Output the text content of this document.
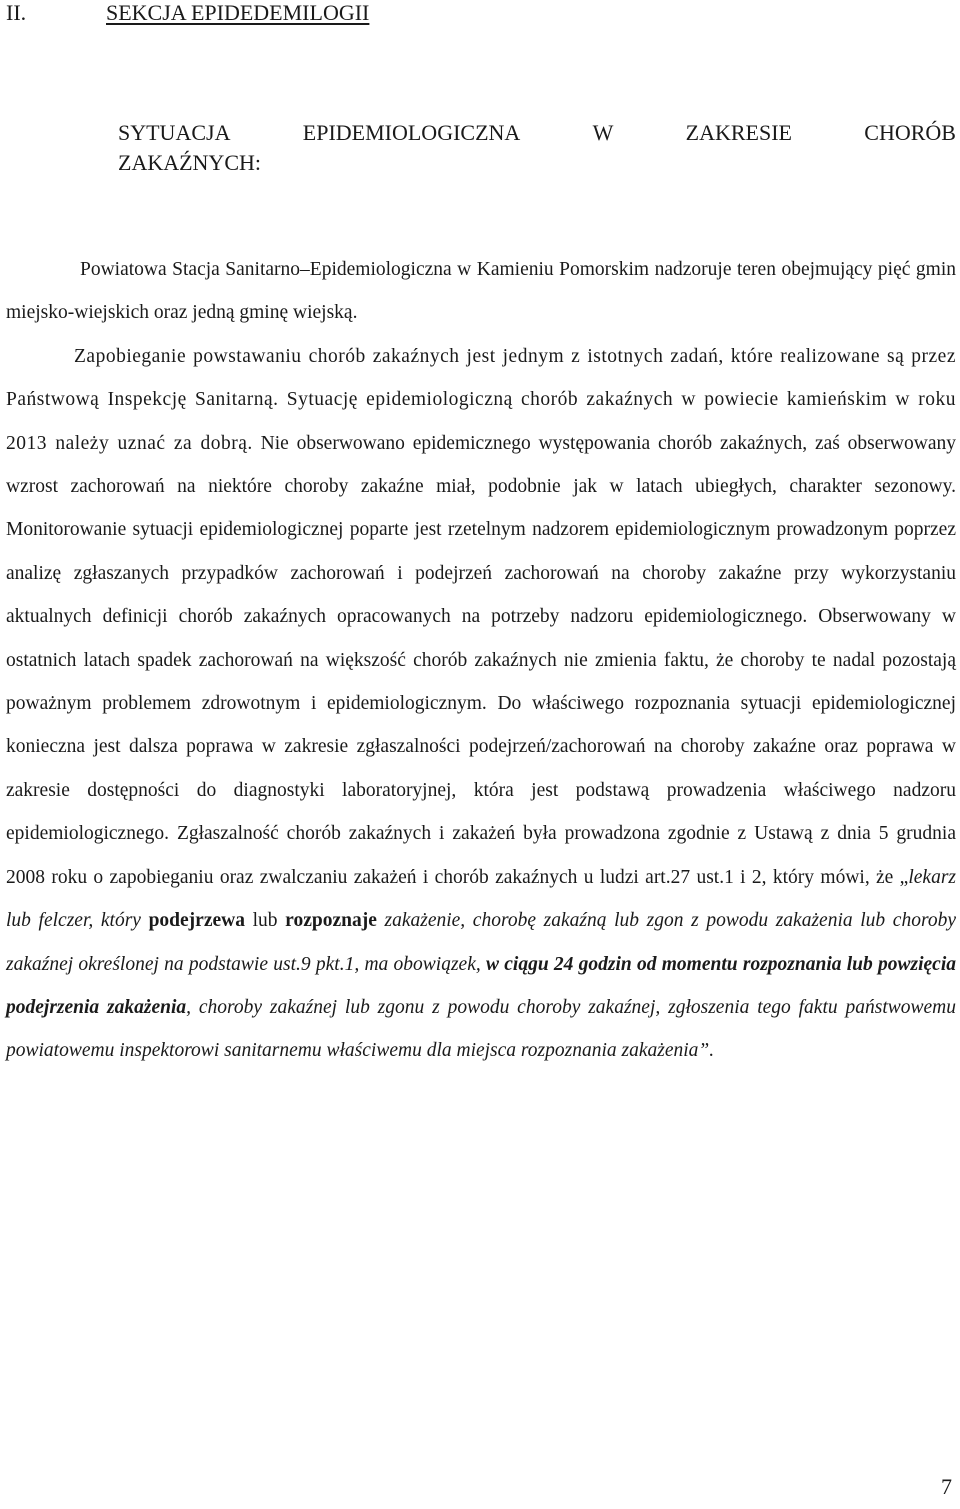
II.	SEKCJA EPIDEDEMILOGII
SYTUACJA	EPIDEMIOLOGICZNA	W	ZAKRESIE	CHORÓB
ZAKAŹNYCH:

Powiatowa Stacja Sanitarno–Epidemiologiczna w Kamieniu Pomorskim nadzoruje teren obejmujący pięć gmin miejsko-wiejskich oraz jedną gminę wiejską.
Zapobieganie powstawaniu chorób zakaźnych jest jednym z istotnych zadań, które realizowane są przez Państwową Inspekcję Sanitarną. Sytuację epidemiologiczną chorób zakaźnych w powiecie kamieńskim w roku 2013 należy uznać za dobrą. Nie obserwowano epidemicznego występowania chorób zakaźnych, zaś obserwowany wzrost zachorowań na niektóre choroby zakaźne miał, podobnie jak w latach ubiegłych, charakter sezonowy. Monitorowanie sytuacji epidemiologicznej poparte jest rzetelnym nadzorem epidemiologicznym prowadzonym poprzez analizę zgłaszanych przypadków zachorowań i podejrzeń zachorowań na choroby zakaźne przy wykorzystaniu aktualnych definicji chorób zakaźnych opracowanych na potrzeby nadzoru epidemiologicznego. Obserwowany w ostatnich latach spadek zachorowań na większość chorób zakaźnych nie zmienia faktu, że choroby te nadal pozostają poważnym problemem zdrowotnym i epidemiologicznym. Do właściwego rozpoznania sytuacji epidemiologicznej konieczna jest dalsza poprawa w zakresie zgłaszalności podejrzeń/zachorowań na choroby zakaźne oraz poprawa w zakresie dostępności do diagnostyki laboratoryjnej, która jest podstawą prowadzenia właściwego nadzoru epidemiologicznego. Zgłaszalność chorób zakaźnych i zakażeń była prowadzona zgodnie z Ustawą z dnia 5 grudnia 2008 roku o zapobieganiu oraz zwalczaniu zakażeń i chorób zakaźnych u ludzi art.27 ust.1 i 2, który mówi, że „lekarz lub felczer, który podejrzewa lub rozpoznaje zakażenie, chorobę zakaźną lub zgon z powodu zakażenia lub choroby zakaźnej określonej na podstawie ust.9 pkt.1, ma obowiązek, w ciągu 24 godzin od momentu rozpoznania lub powzięcia podejrzenia zakażenia, choroby zakaźnej lub zgonu z powodu choroby zakaźnej, zgłoszenia tego faktu państwowemu powiatowemu inspektorowi sanitarnemu właściwemu dla miejsca rozpoznania zakażenia”.

7
